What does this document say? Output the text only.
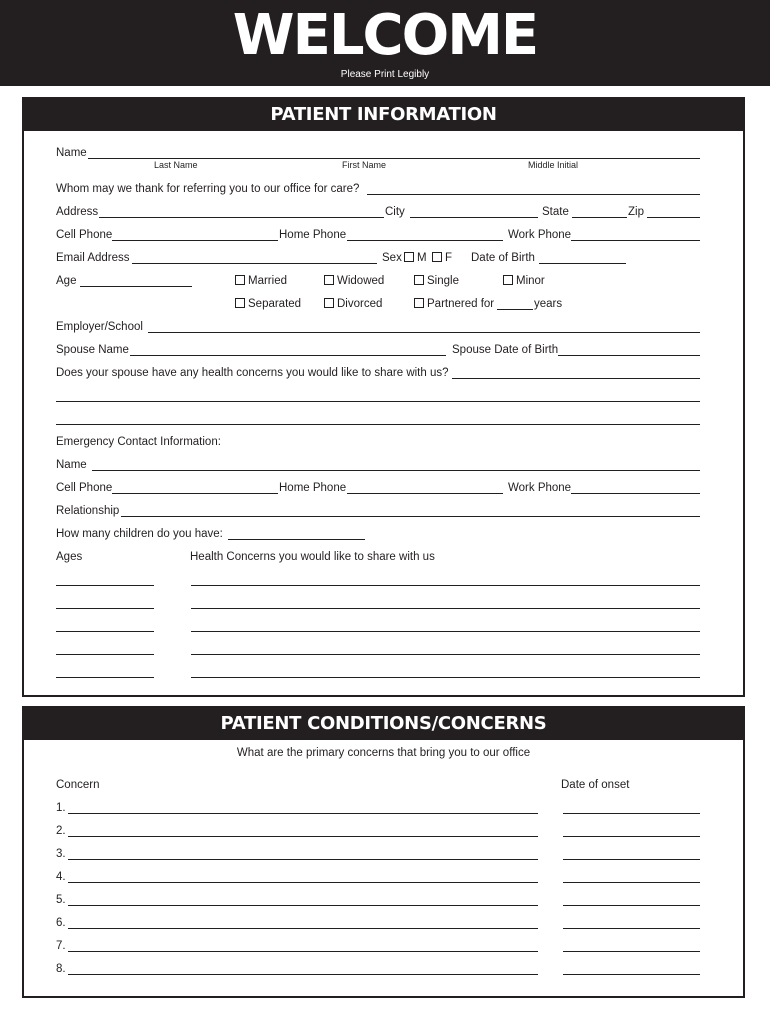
WELCOME
Please Print Legibly
PATIENT INFORMATION
Name
Last Name	First Name	Middle Initial
Whom may we thank for referring you to our office for care?
Address	City	State	Zip
Cell Phone	Home Phone	Work Phone
Email Address	Sex	M	F Date of Birth
Age	Married	Widowed	Single	Minor
Separated	Divorced	Partnered for	years
Employer/School
Spouse Name	Spouse Date of Birth
Does your spouse have any health concerns you would like to share with us?
Emergency Contact Information:
Name
Cell Phone	Home Phone	Work Phone
Relationship
How many children do you have:
Ages	Health Concerns you would like to share with us
PATIENT CONDITIONS/CONCERNS
What are the primary concerns that bring you to our office
Concern	Date of onset
1.
2.
3.
4.
5.
6.
7.
8.
